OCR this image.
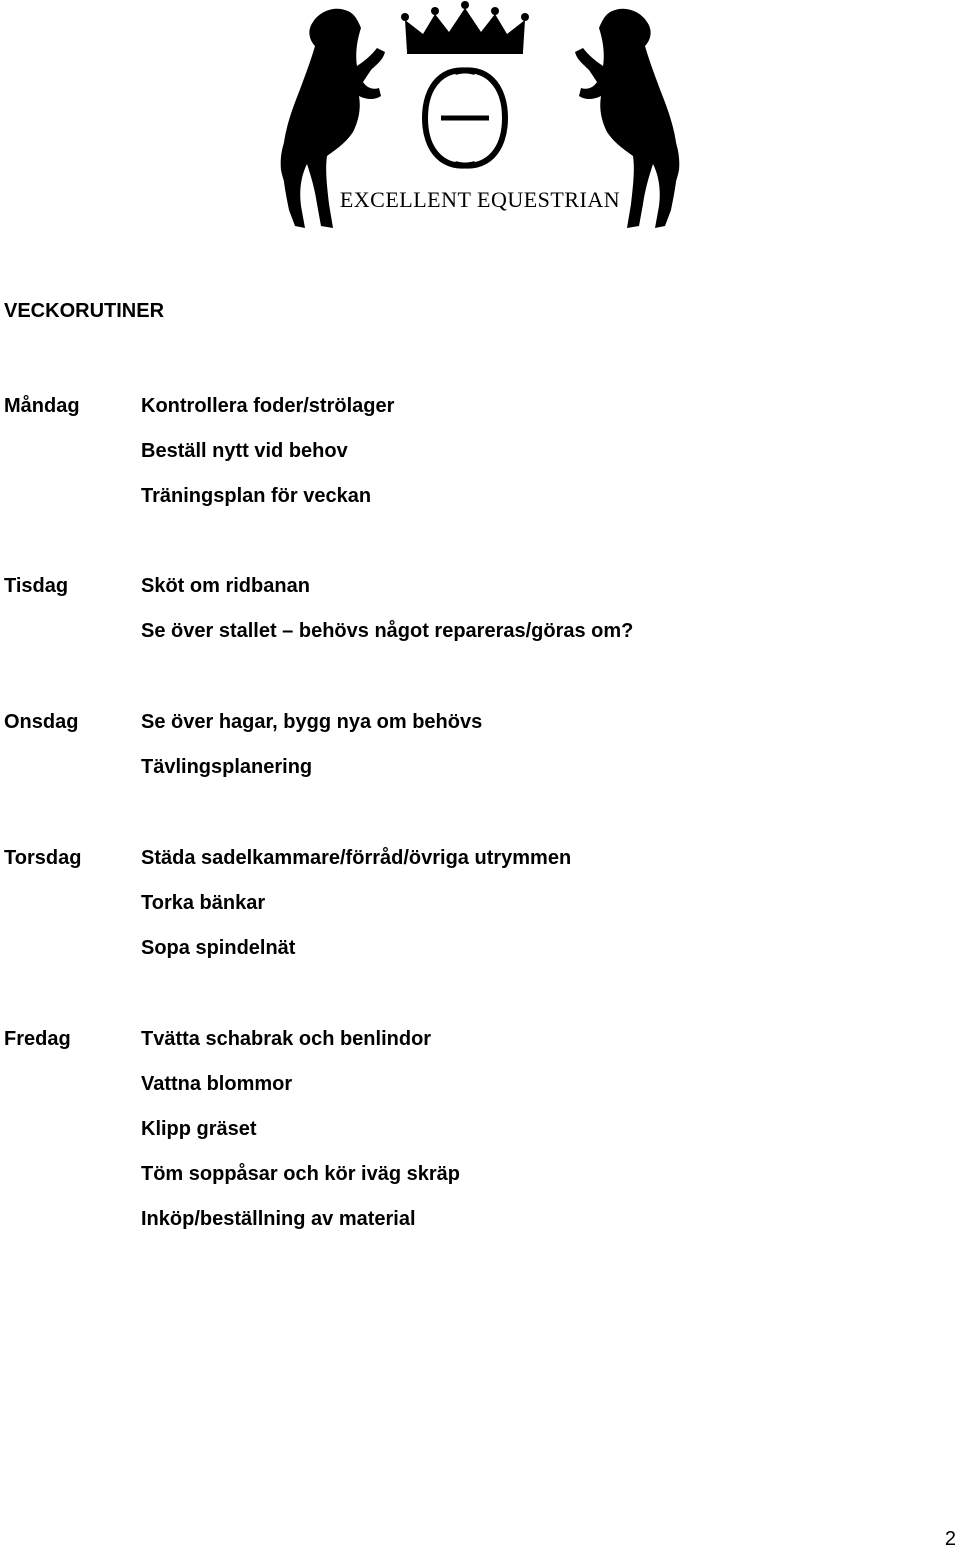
EXCELLENT EQUESTRIAN
VECKORUTINER
Måndag	Kontrollera foder/strölager
Beställ nytt vid behov
Träningsplan för veckan
Tisdag	Sköt om ridbanan
Se över stallet – behövs något repareras/göras om?
Onsdag	Se över hagar, bygg nya om behövs
Tävlingsplanering
Torsdag	Städa sadelkammare/förråd/övriga utrymmen
Torka bänkar
Sopa spindelnät
Fredag	Tvätta schabrak och benlindor
Vattna blommor
Klipp gräset
Töm soppåsar och kör iväg skräp
Inköp/beställning av material
2
